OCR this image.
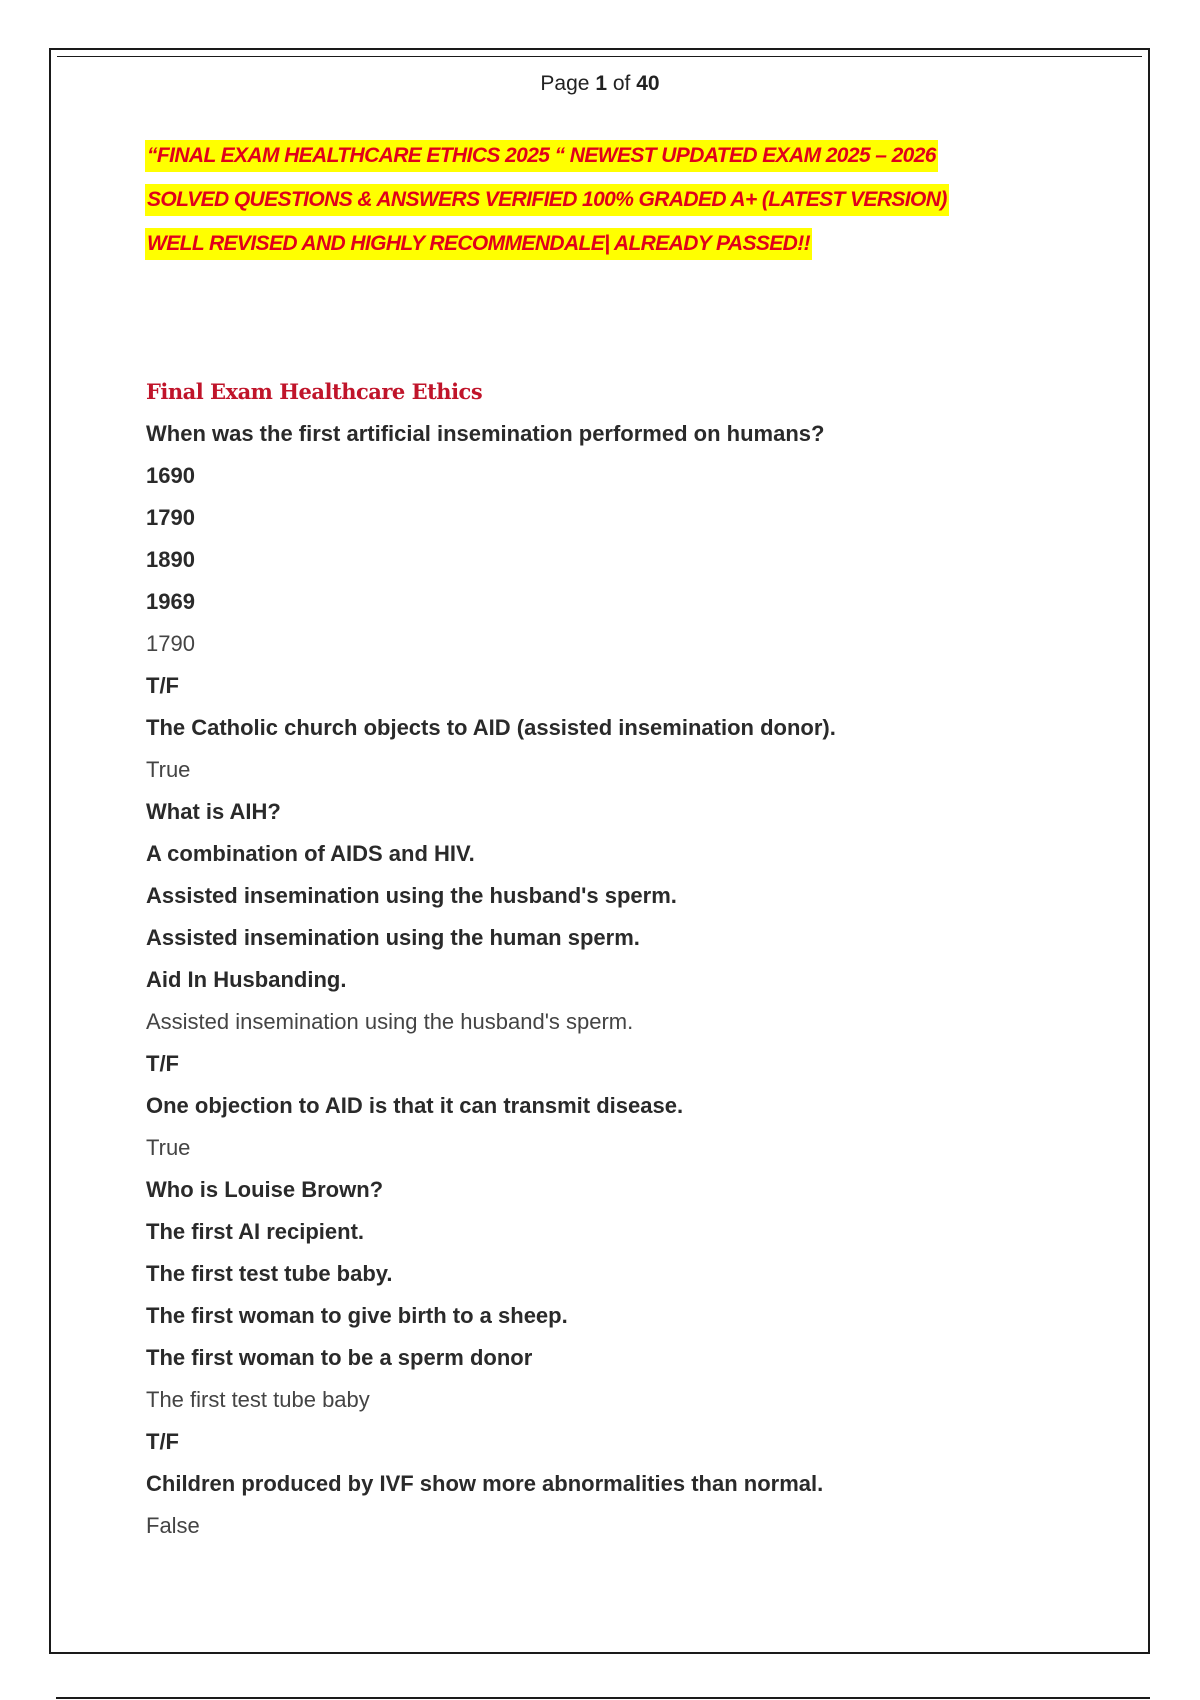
Page 1 of 40
“FINAL EXAM HEALTHCARE ETHICS 2025 “ NEWEST UPDATED EXAM 2025 – 2026
SOLVED QUESTIONS & ANSWERS VERIFIED 100% GRADED A+ (LATEST VERSION)
WELL REVISED AND HIGHLY RECOMMENDALE| ALREADY PASSED!!
Final Exam Healthcare Ethics
When was the first artificial insemination performed on humans?
1690
1790
1890
1969
1790
T/F
The Catholic church objects to AID (assisted insemination donor).
True
What is AIH?
A combination of AIDS and HIV.
Assisted insemination using the husband's sperm.
Assisted insemination using the human sperm.
Aid In Husbanding.
Assisted insemination using the husband's sperm.
T/F
One objection to AID is that it can transmit disease.
True
Who is Louise Brown?
The first AI recipient.
The first test tube baby.
The first woman to give birth to a sheep.
The first woman to be a sperm donor
The first test tube baby
T/F
Children produced by IVF show more abnormalities than normal.
False
